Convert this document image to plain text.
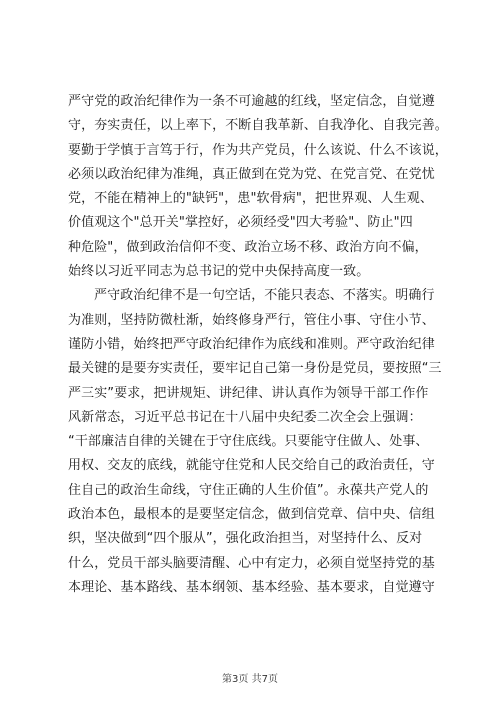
严守党的政治纪律作为一条不可逾越的红线，坚定信念，自觉遵
守，夯实责任，以上率下，不断自我革新、自我净化、自我完善。
要勤于学慎于言笃于行，作为共产党员，什么该说、什么不该说，
必须以政治纪律为准绳，真正做到在党为党、在党言党、在党忧
党，不能在精神上的"缺钙"，患"软骨病"，把世界观、人生观、
价值观这个"总开关"掌控好，必须经受"四大考验"、防止"四
种危险"，做到政治信仰不变、政治立场不移、政治方向不偏，
始终以习近平同志为总书记的党中央保持高度一致。
严守政治纪律不是一句空话，不能只表态、不落实。明确行
为准则，坚持防微杜渐，始终修身严行，管住小事、守住小节、
谨防小错，始终把严守政治纪律作为底线和准则。严守政治纪律
最关键的是要夯实责任，要牢记自己第一身份是党员，要按照“三
严三实”要求，把讲规矩、讲纪律、讲认真作为领导干部工作作
风新常态，习近平总书记在十八届中央纪委二次全会上强调：
“干部廉洁自律的关键在于守住底线。只要能守住做人、处事、
用权、交友的底线，就能守住党和人民交给自己的政治责任，守
住自己的政治生命线，守住正确的人生价值”。永葆共产党人的
政治本色，最根本的是要坚定信念，做到信党章、信中央、信组
织，坚决做到“四个服从”，强化政治担当，对坚持什么、反对
什么，党员干部头脑要清醒、心中有定力，必须自觉坚持党的基
本理论、基本路线、基本纲领、基本经验、基本要求，自觉遵守
第3页 共7页
